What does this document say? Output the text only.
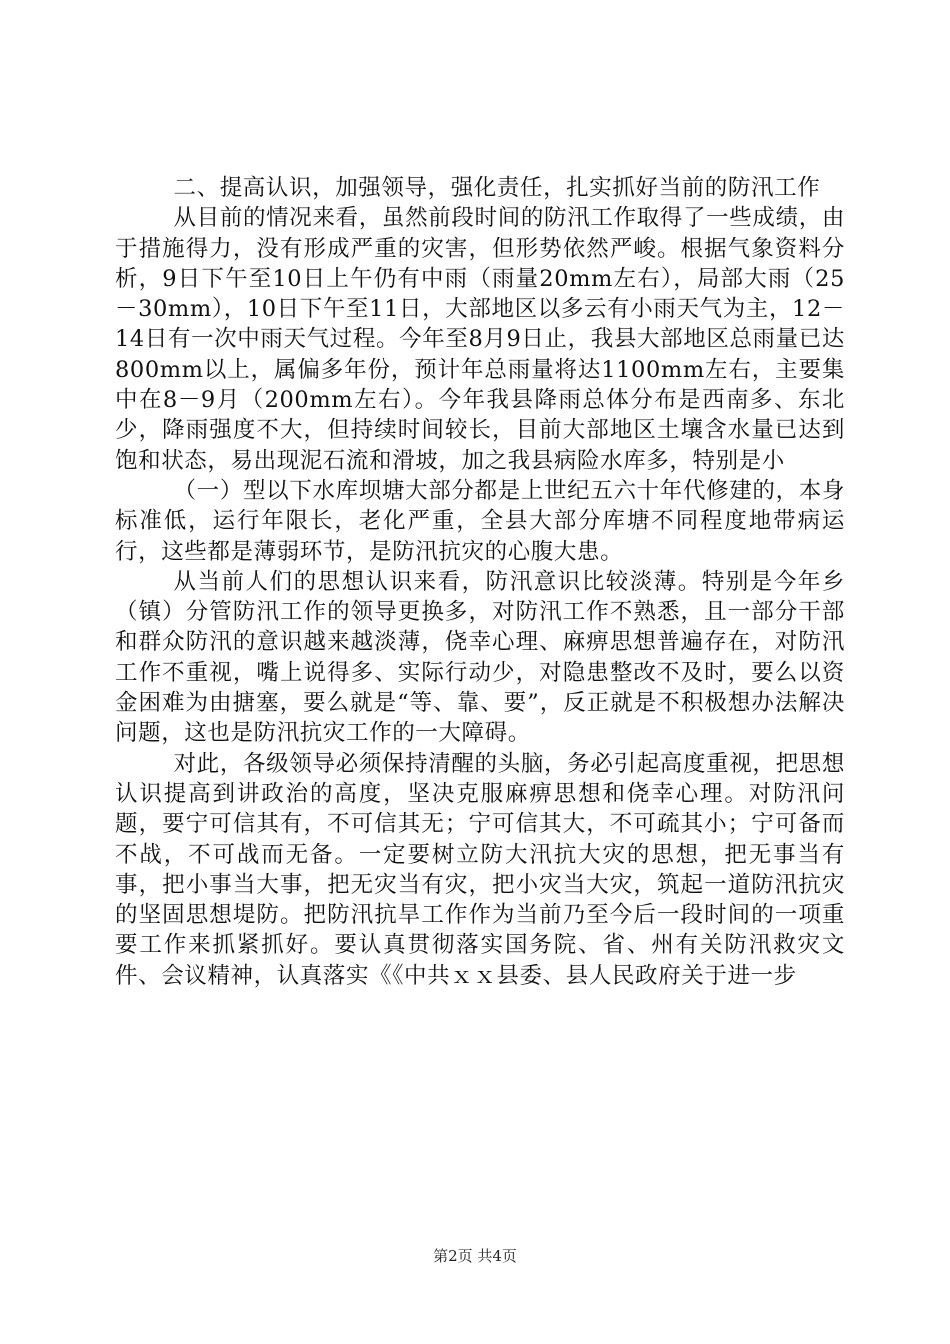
二、提高认识，加强领导，强化责任，扎实抓好当前的防汛工作

从目前的情况来看，虽然前段时间的防汛工作取得了一些成绩，由于措施得力，没有形成严重的灾害，但形势依然严峻。根据气象资料分析，9日下午至10日上午仍有中雨（雨量20mm左右），局部大雨（25－30mm），10日下午至11日，大部地区以多云有小雨天气为主，12－14日有一次中雨天气过程。今年至8月9日止，我县大部地区总雨量已达800mm以上，属偏多年份，预计年总雨量将达1100mm左右，主要集中在8－9月（200mm左右）。今年我县降雨总体分布是西南多、东北少，降雨强度不大，但持续时间较长，目前大部地区土壤含水量已达到饱和状态，易出现泥石流和滑坡，加之我县病险水库多，特别是小

（一）型以下水库坝塘大部分都是上世纪五六十年代修建的，本身标准低，运行年限长，老化严重，全县大部分库塘不同程度地带病运行，这些都是薄弱环节，是防汛抗灾的心腹大患。

从当前人们的思想认识来看，防汛意识比较淡薄。特别是今年乡（镇）分管防汛工作的领导更换多，对防汛工作不熟悉，且一部分干部和群众防汛的意识越来越淡薄，侥幸心理、麻痹思想普遍存在，对防汛工作不重视，嘴上说得多、实际行动少，对隐患整改不及时，要么以资金困难为由搪塞，要么就是“等、靠、要”，反正就是不积极想办法解决问题，这也是防汛抗灾工作的一大障碍。

对此，各级领导必须保持清醒的头脑，务必引起高度重视，把思想认识提高到讲政治的高度，坚决克服麻痹思想和侥幸心理。对防汛问题，要宁可信其有，不可信其无；宁可信其大，不可疏其小；宁可备而不战，不可战而无备。一定要树立防大汛抗大灾的思想，把无事当有事，把小事当大事，把无灾当有灾，把小灾当大灾，筑起一道防汛抗灾的坚固思想堤防。把防汛抗旱工作作为当前乃至今后一段时间的一项重要工作来抓紧抓好。要认真贯彻落实国务院、省、州有关防汛救灾文件、会议精神，认真落实《《中共ｘｘ县委、县人民政府关于进一步

第2页 共4页
